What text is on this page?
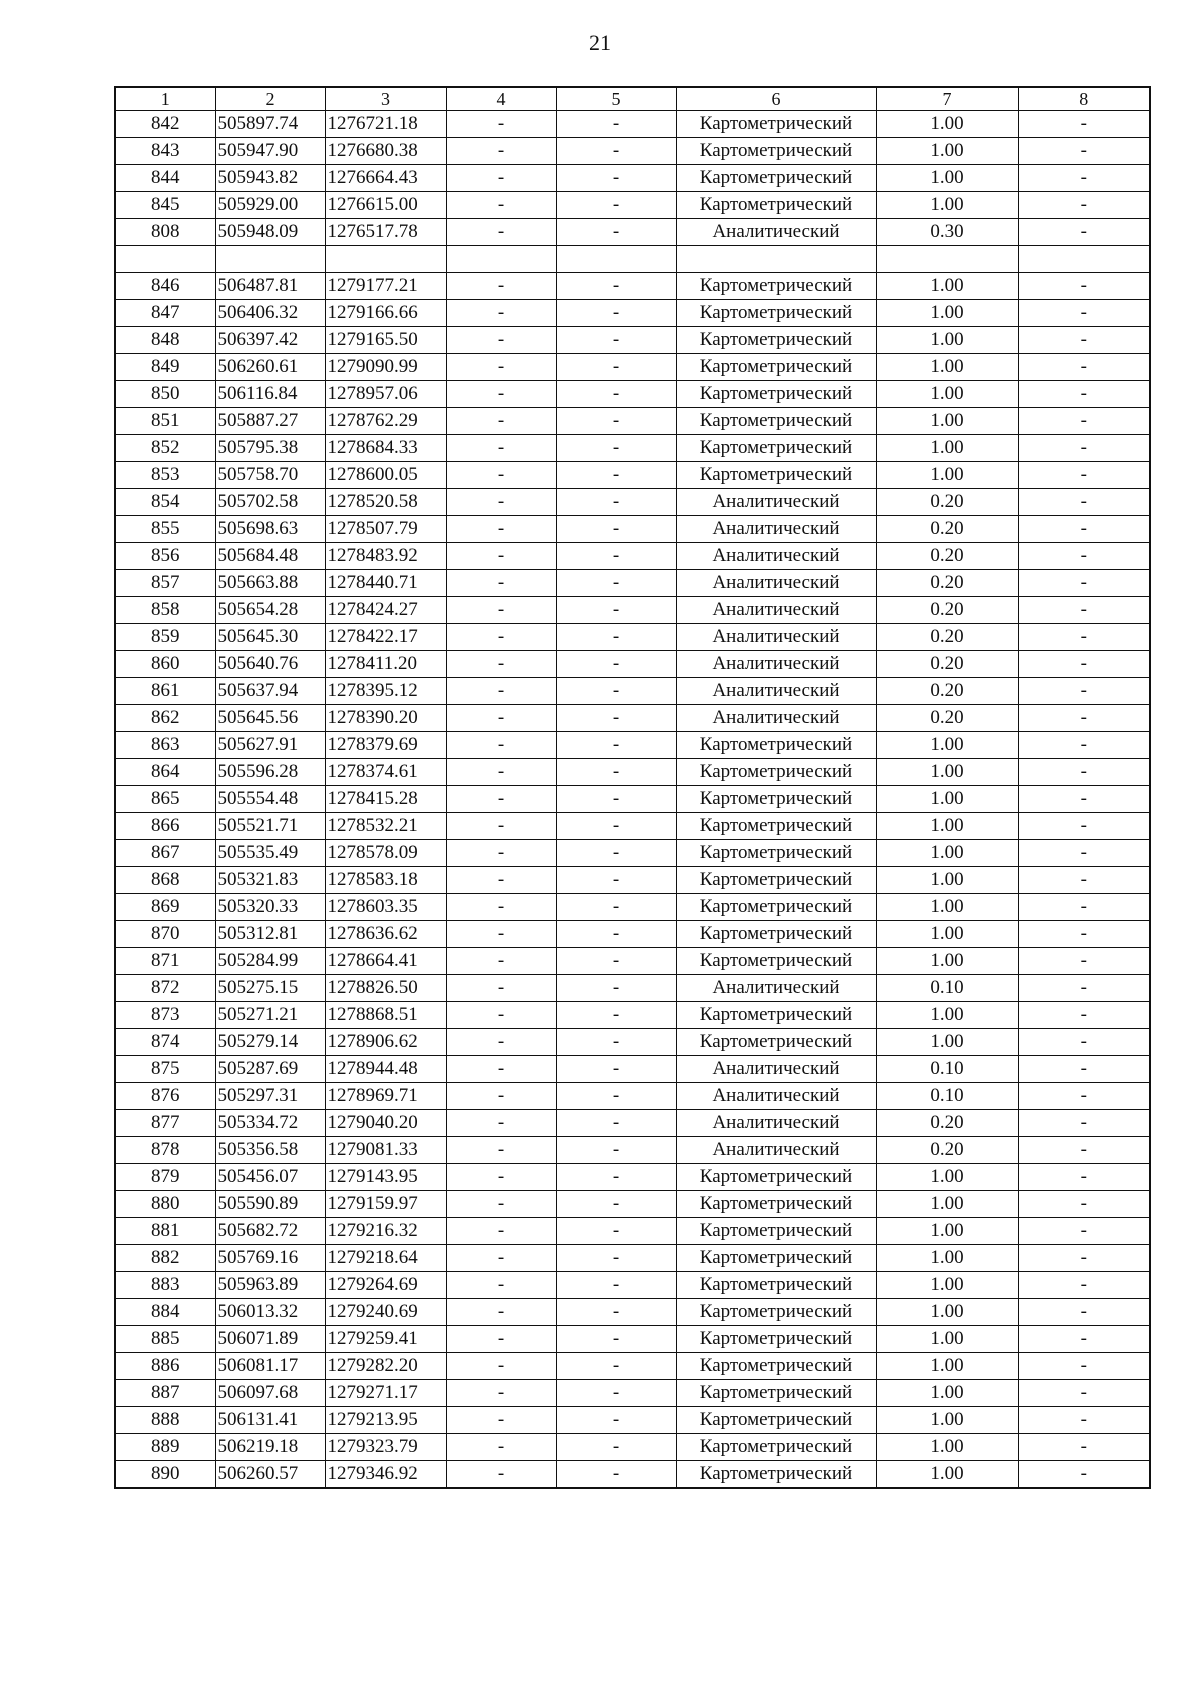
21
1	2	3	4	5	6	7	8
842	505897.74	1276721.18	-	-	Картометрический	1.00	-
843	505947.90	1276680.38	-	-	Картометрический	1.00	-
844	505943.82	1276664.43	-	-	Картометрический	1.00	-
845	505929.00	1276615.00	-	-	Картометрический	1.00	-
808	505948.09	1276517.78	-	-	Аналитический	0.30	-

846	506487.81	1279177.21	-	-	Картометрический	1.00	-
847	506406.32	1279166.66	-	-	Картометрический	1.00	-
848	506397.42	1279165.50	-	-	Картометрический	1.00	-
849	506260.61	1279090.99	-	-	Картометрический	1.00	-
850	506116.84	1278957.06	-	-	Картометрический	1.00	-
851	505887.27	1278762.29	-	-	Картометрический	1.00	-
852	505795.38	1278684.33	-	-	Картометрический	1.00	-
853	505758.70	1278600.05	-	-	Картометрический	1.00	-
854	505702.58	1278520.58	-	-	Аналитический	0.20	-
855	505698.63	1278507.79	-	-	Аналитический	0.20	-
856	505684.48	1278483.92	-	-	Аналитический	0.20	-
857	505663.88	1278440.71	-	-	Аналитический	0.20	-
858	505654.28	1278424.27	-	-	Аналитический	0.20	-
859	505645.30	1278422.17	-	-	Аналитический	0.20	-
860	505640.76	1278411.20	-	-	Аналитический	0.20	-
861	505637.94	1278395.12	-	-	Аналитический	0.20	-
862	505645.56	1278390.20	-	-	Аналитический	0.20	-
863	505627.91	1278379.69	-	-	Картометрический	1.00	-
864	505596.28	1278374.61	-	-	Картометрический	1.00	-
865	505554.48	1278415.28	-	-	Картометрический	1.00	-
866	505521.71	1278532.21	-	-	Картометрический	1.00	-
867	505535.49	1278578.09	-	-	Картометрический	1.00	-
868	505321.83	1278583.18	-	-	Картометрический	1.00	-
869	505320.33	1278603.35	-	-	Картометрический	1.00	-
870	505312.81	1278636.62	-	-	Картометрический	1.00	-
871	505284.99	1278664.41	-	-	Картометрический	1.00	-
872	505275.15	1278826.50	-	-	Аналитический	0.10	-
873	505271.21	1278868.51	-	-	Картометрический	1.00	-
874	505279.14	1278906.62	-	-	Картометрический	1.00	-
875	505287.69	1278944.48	-	-	Аналитический	0.10	-
876	505297.31	1278969.71	-	-	Аналитический	0.10	-
877	505334.72	1279040.20	-	-	Аналитический	0.20	-
878	505356.58	1279081.33	-	-	Аналитический	0.20	-
879	505456.07	1279143.95	-	-	Картометрический	1.00	-
880	505590.89	1279159.97	-	-	Картометрический	1.00	-
881	505682.72	1279216.32	-	-	Картометрический	1.00	-
882	505769.16	1279218.64	-	-	Картометрический	1.00	-
883	505963.89	1279264.69	-	-	Картометрический	1.00	-
884	506013.32	1279240.69	-	-	Картометрический	1.00	-
885	506071.89	1279259.41	-	-	Картометрический	1.00	-
886	506081.17	1279282.20	-	-	Картометрический	1.00	-
887	506097.68	1279271.17	-	-	Картометрический	1.00	-
888	506131.41	1279213.95	-	-	Картометрический	1.00	-
889	506219.18	1279323.79	-	-	Картометрический	1.00	-
890	506260.57	1279346.92	-	-	Картометрический	1.00	-
